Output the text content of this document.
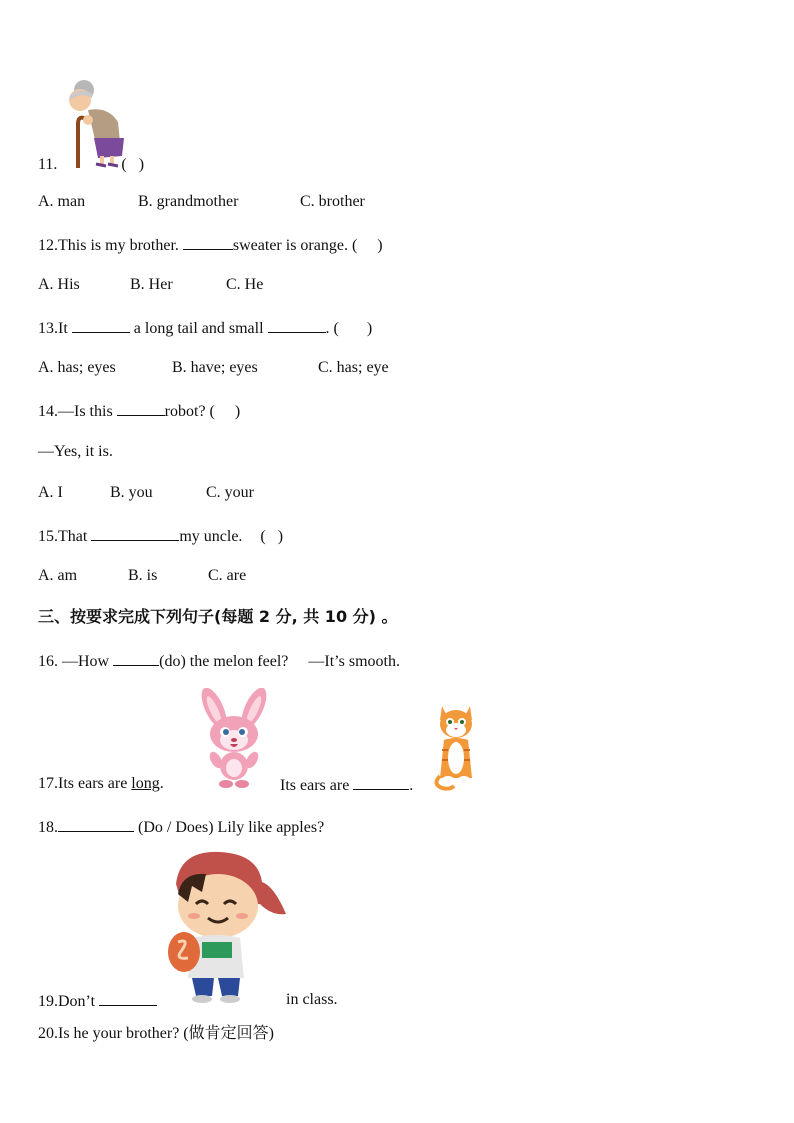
11.	(   )
A. man	B. grandmother	C. brother
12.This is my brother.	sweater is orange. (     )
A. His	B. Her	C. He
13.It	a long tail and small	. (       )
A. has; eyes	B. have; eyes	C. has; eye
14.—Is this	robot? (     )
—Yes, it is.
A. I	B. you	C. your
15.That	my uncle. (   )
A. am	B. is	C. are
三、按要求完成下列句子(每题 2 分, 共 10 分) 。
16. —How	(do) the melon feel? —It’s smooth.
17.Its ears are long.	Its ears are	.
18.	(Do / Does) Lily like apples?
19.Don’t	in class.
20.Is he your brother? (做肯定回答)
